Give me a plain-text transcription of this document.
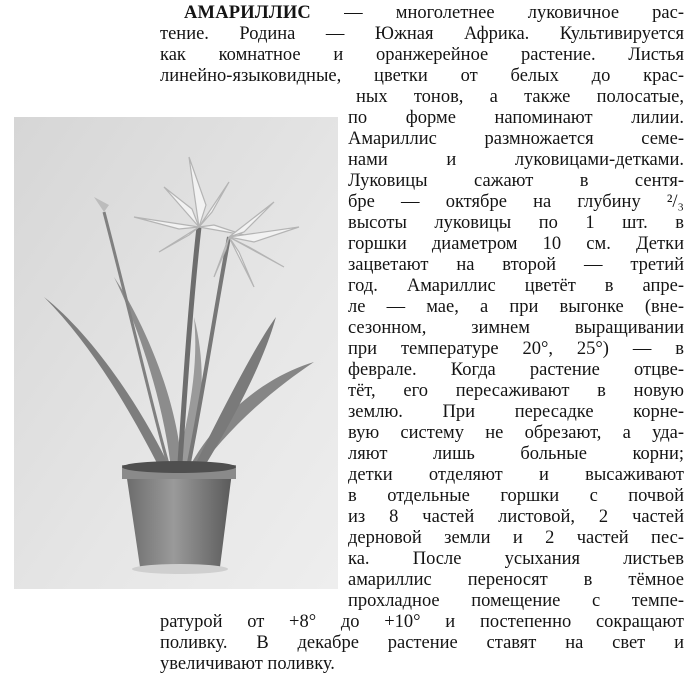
АМАРИЛЛИС — многолетнее луковичное рас-
тение. Родина — Южная Африка. Культивируется
как комнатное и оранжерейное растение. Листья
линейно-языковидные, цветки от белых до крас-
ных тонов, а также полосатые,
по форме напоминают лилии.
Амариллис размножается семе-
нами и луковицами-детками.
Луковицы сажают в сентя-
бре — октябре на глубину ²/₃
высоты луковицы по 1 шт. в
горшки диаметром 10 см. Детки
зацветают на второй — третий
год. Амариллис цветёт в апре-
ле — мае, а при выгонке (вне-
сезонном, зимнем выращивании
при температуре 20°, 25°) — в
феврале. Когда растение отцве-
тёт, его пересаживают в новую
землю. При пересадке корне-
вую систему не обрезают, а уда-
ляют лишь больные корни;
детки отделяют и высаживают
в отдельные горшки с почвой
из 8 частей листовой, 2 частей
дерновой земли и 2 частей пес-
ка. После усыхания листьев
амариллис переносят в тёмное
прохладное помещение с темпе-
ратурой от +8° до +10° и постепенно сокращают
поливку. В декабре растение ставят на свет и
увеличивают поливку.
